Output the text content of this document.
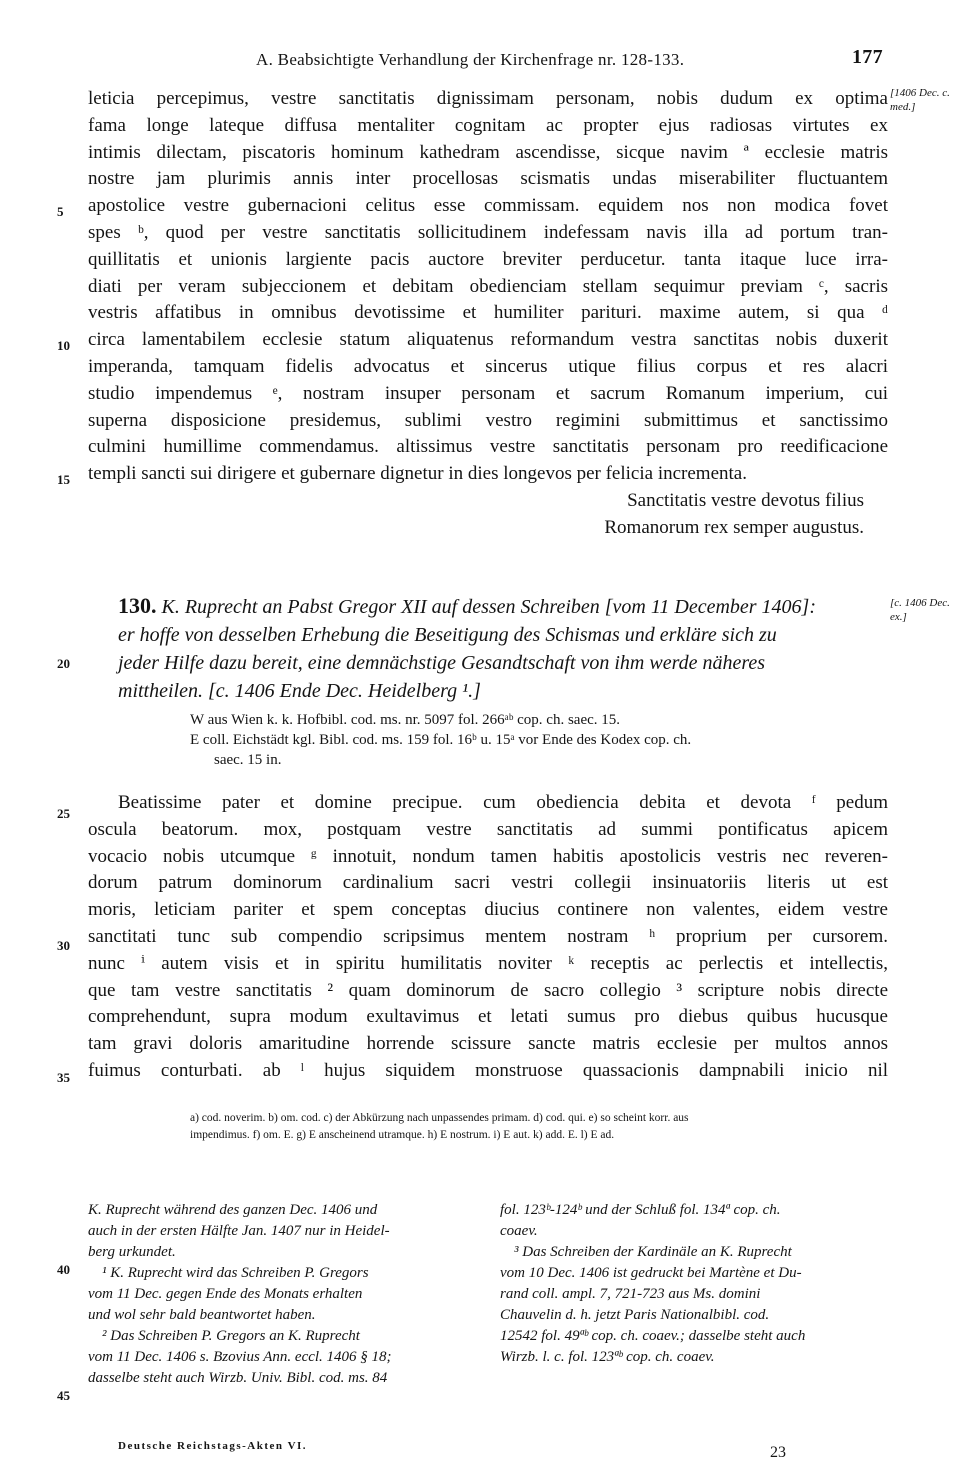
A. Beabsichtigte Verhandlung der Kirchenfrage nr. 128-133.	177
[1406 Dec. c. med.]
leticia percepimus, vestre sanctitatis dignissimam personam, nobis dudum ex optima
fama longe lateque diffusa mentaliter cognitam ac propter ejus radiosas virtutes ex
intimis dilectam, piscatoris hominum kathedram ascendisse, sicque navim ª ecclesie matris
nostre jam plurimis annis inter procellosas scismatis undas miserabiliter fluctuantem
apostolice vestre gubernacioni celitus esse commissam. equidem nos non modica fovet
spes ᵇ, quod per vestre sanctitatis sollicitudinem indefessam navis illa ad portum tran-
quillitatis et unionis largiente pacis auctore breviter perducetur. tanta itaque luce irra-
diati per veram subjeccionem et debitam obedienciam stellam sequimur previam ᶜ, sacris
vestris affatibus in omnibus devotissime et humiliter parituri. maxime autem, si qua ᵈ
circa lamentabilem ecclesie statum aliquatenus reformandum vestra sanctitas nobis duxerit
imperanda, tamquam fidelis advocatus et sincerus utique filius corpus et res alacri
studio impendemus ᵉ, nostram insuper personam et sacrum Romanum imperium, cui
superna disposicione presidemus, sublimi vestro regimini submittimus et sanctissimo
culmini humillime commendamus. altissimus vestre sanctitatis personam pro reedificacione
templi sancti sui dirigere et gubernare dignetur in dies longevos per felicia incrementa.
Sanctitatis vestre devotus filius
Romanorum rex semper augustus.
5
10
15
20
25
30
35
40
45
130. K. Ruprecht an Pabst Gregor XII auf dessen Schreiben [vom 11 December 1406]:
er hoffe von desselben Erhebung die Beseitigung des Schismas und erkläre sich zu
jeder Hilfe dazu bereit, eine demnächstige Gesandtschaft von ihm werde näheres
mittheilen. [c. 1406 Ende Dec. Heidelberg ¹.]
[c. 1406 Dec. ex.]
W aus Wien k. k. Hofbibl. cod. ms. nr. 5097 fol. 266ᵃᵇ cop. ch. saec. 15.
E coll. Eichstädt kgl. Bibl. cod. ms. 159 fol. 16ᵇ u. 15ᵃ vor Ende des Kodex cop. ch.
saec. 15 in.
Beatissime pater et domine precipue. cum obediencia debita et devota ᶠ pedum
oscula beatorum. mox, postquam vestre sanctitatis ad summi pontificatus apicem
vocacio nobis utcumque ᵍ innotuit, nondum tamen habitis apostolicis vestris nec reveren-
dorum patrum dominorum cardinalium sacri vestri collegii insinuatoriis literis ut est
moris, leticiam pariter et spem conceptas diucius continere non valentes, eidem vestre
sanctitati tunc sub compendio scripsimus mentem nostram ʰ proprium per cursorem.
nunc ⁱ autem visis et in spiritu humilitatis noviter ᵏ receptis ac perlectis et intellectis,
que tam vestre sanctitatis ² quam dominorum de sacro collegio ³ scripture nobis directe
comprehendunt, supra modum exultavimus et letati sumus pro diebus quibus hucusque
tam gravi doloris amaritudine horrende scissure sancte matris ecclesie per multos annos
fuimus conturbati. ab ˡ hujus siquidem monstruose quassacionis dampnabili inicio nil
a) cod. noverim. b) om. cod. c) der Abkürzung nach unpassendes primam. d) cod. qui. e) so scheint korr. aus
impendimus. f) om. E. g) E anscheinend utramque. h) E nostrum. i) E aut. k) add. E. l) E ad.
K. Ruprecht während des ganzen Dec. 1406 und
auch in der ersten Hälfte Jan. 1407 nur in Heidel-
berg urkundet.
¹ K. Ruprecht wird das Schreiben P. Gregors
vom 11 Dec. gegen Ende des Monats erhalten
und wol sehr bald beantwortet haben.
² Das Schreiben P. Gregors an K. Ruprecht
vom 11 Dec. 1406 s. Bzovius Ann. eccl. 1406 § 18;
dasselbe steht auch Wirzb. Univ. Bibl. cod. ms. 84
fol. 123ᵇ-124ᵇ und der Schluß fol. 134ª cop. ch.
coaev.
³ Das Schreiben der Kardinäle an K. Ruprecht
vom 10 Dec. 1406 ist gedruckt bei Martène et Du-
rand coll. ampl. 7, 721-723 aus Ms. domini
Chauvelin d. h. jetzt Paris Nationalbibl. cod.
12542 fol. 49ªᵇ cop. ch. coaev.; dasselbe steht auch
Wirzb. l. c. fol. 123ªᵇ cop. ch. coaev.
Deutsche Reichstags-Akten VI.	23
